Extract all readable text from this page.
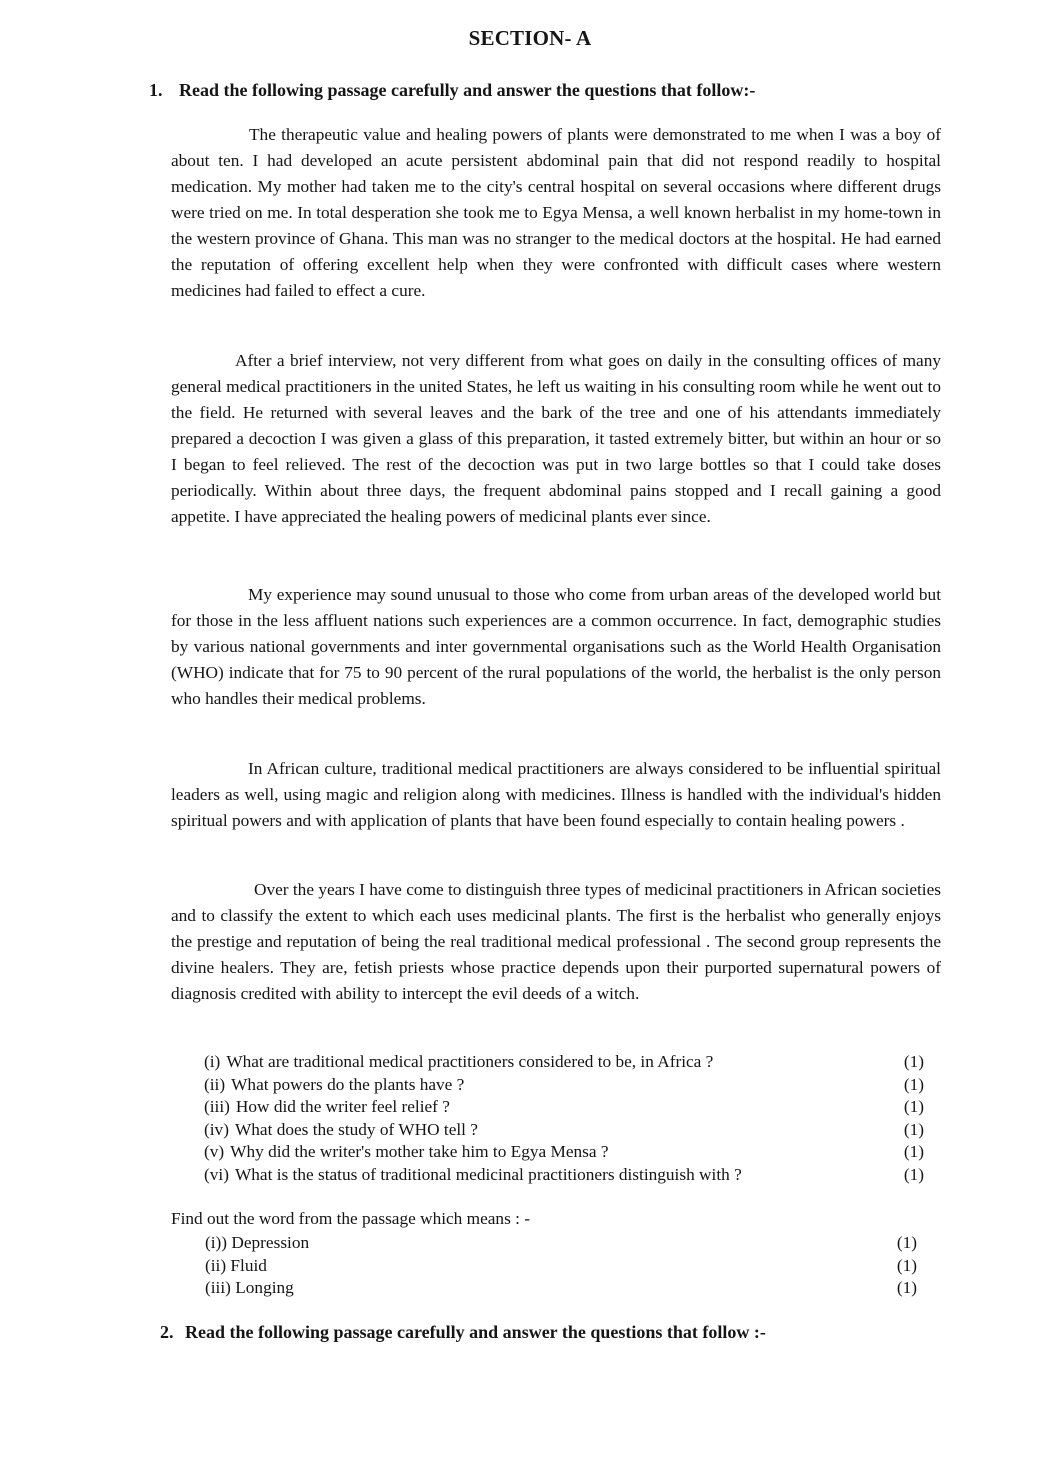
SECTION- A
1. Read the following passage carefully and answer the questions that follow:-

The therapeutic value and healing powers of plants were demonstrated to me when I was a boy of about ten. I had developed an acute persistent abdominal pain that did not respond readily to hospital medication. My mother had taken me to the city's central hospital on several occasions where different drugs were tried on me. In total desperation she took me to Egya Mensa, a well known herbalist in my home-town in the western province of Ghana. This man was no stranger to the medical doctors at the hospital. He had earned the reputation of offering excellent help when they were confronted with difficult cases where western medicines had failed to effect a cure.

After a brief interview, not very different from what goes on daily in the consulting offices of many general medical practitioners in the united States, he left us waiting in his consulting room while he went out to the field. He returned with several leaves and the bark of the tree and one of his attendants immediately prepared a decoction I was given a glass of this preparation, it tasted extremely bitter, but within an hour or so I began to feel relieved. The rest of the decoction was put in two large bottles so that I could take doses periodically. Within about three days, the frequent abdominal pains stopped and I recall gaining a good appetite. I have appreciated the healing powers of medicinal plants ever since.

My experience may sound unusual to those who come from urban areas of the developed world but for those in the less affluent nations such experiences are a common occurrence. In fact, demographic studies by various national governments and inter governmental organisations such as the World Health Organisation (WHO) indicate that for 75 to 90 percent of the rural populations of the world, the herbalist is the only person who handles their medical problems.

In African culture, traditional medical practitioners are always considered to be influential spiritual leaders as well, using magic and religion along with medicines. Illness is handled with the individual's hidden spiritual powers and with application of plants that have been found especially to contain healing powers .

Over the years I have come to distinguish three types of medicinal practitioners in African societies and to classify the extent to which each uses medicinal plants. The first is the herbalist who generally enjoys the prestige and reputation of being the real traditional medical professional . The second group represents the divine healers. They are, fetish priests whose practice depends upon their purported supernatural powers of diagnosis credited with ability to intercept the evil deeds of a witch.

(i) What are traditional medical practitioners considered to be, in Africa ?	(1)
(ii) What powers do the plants have ?	(1)
(iii) How did the writer feel relief ?	(1)
(iv) What does the study of WHO tell ?	(1)
(v) Why did the writer's mother take him to Egya Mensa ?	(1)
(vi) What is the status of traditional medicinal practitioners distinguish with ?	(1)
Find out the word from the passage which means : -
(i)) Depression	(1)
(ii) Fluid	(1)
(iii) Longing	(1)
2. Read the following passage carefully and answer the questions that follow :-
